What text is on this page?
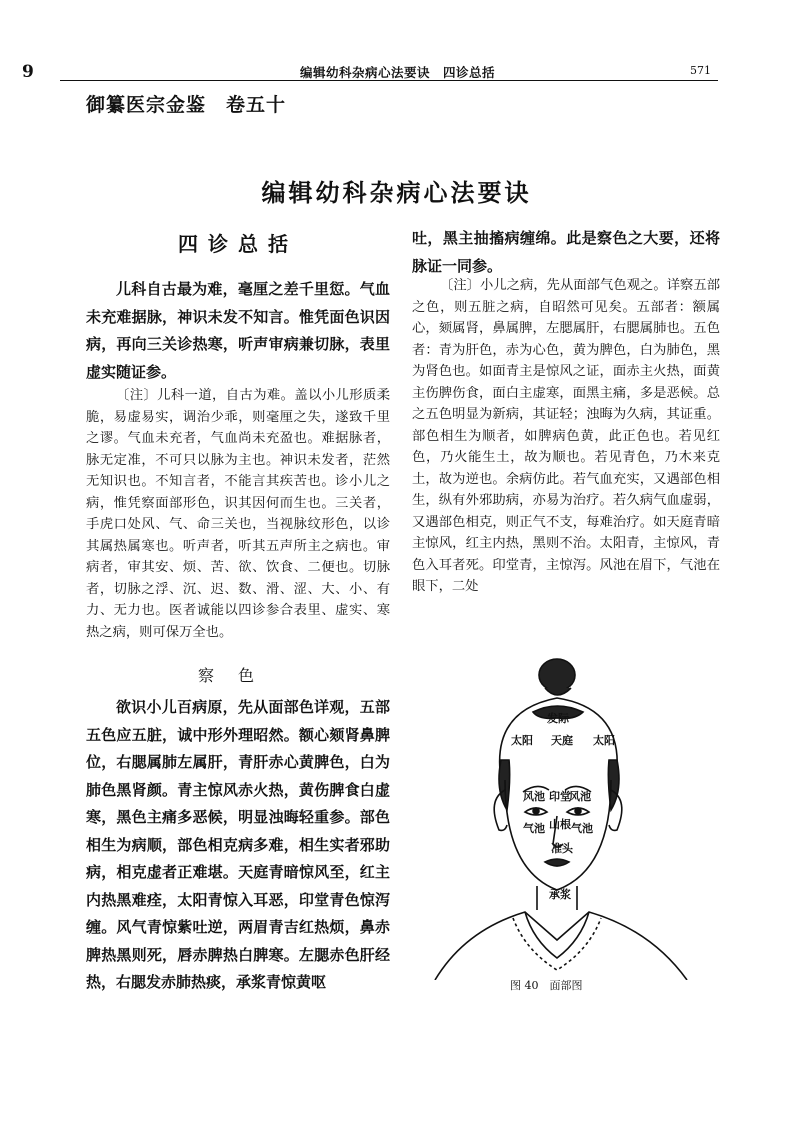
9	编辑幼科杂病心法要诀　四诊总括	571
御纂医宗金鉴　卷五十
编辑幼科杂病心法要诀
四诊总括
儿科自古最为难，毫厘之差千里愆。气血未充难据脉，神识未发不知言。惟凭面色识因病，再向三关诊热寒，听声审病兼切脉，表里虚实随证参。
〔注〕儿科一道，自古为难。盖以小儿形质柔脆，易虚易实，调治少乖，则毫厘之失，遂致千里之谬。气血未充者，气血尚未充盈也。难据脉者，脉无定准，不可只以脉为主也。神识未发者，茫然无知识也。不知言者，不能言其疾苦也。诊小儿之病，惟凭察面部形色，识其因何而生也。三关者，手虎口处风、气、命三关也，当视脉纹形色，以诊其属热属寒也。听声者，听其五声所主之病也。审病者，审其安、烦、苦、欲、饮食、二便也。切脉者，切脉之浮、沉、迟、数、滑、涩、大、小、有力、无力也。医者诚能以四诊参合表里、虚实、寒热之病，则可保万全也。
察色
欲识小儿百病原，先从面部色详观，五部五色应五脏，诚中形外理昭然。额心颏肾鼻脾位，右腮属肺左属肝，青肝赤心黄脾色，白为肺色黑肾颜。青主惊风赤火热，黄伤脾食白虚寒，黑色主痛多恶候，明显浊晦轻重参。部色相生为病顺，部色相克病多难，相生实者邪助病，相克虚者正难堪。天庭青暗惊风至，红主内热黑难痊，太阳青惊入耳恶，印堂青色惊泻缠。风气青惊紫吐逆，两眉青吉红热烦，鼻赤脾热黑则死，唇赤脾热白脾寒。左腮赤色肝经热，右腮发赤肺热痰，承浆青惊黄呕
吐，黑主抽搐病缠绵。此是察色之大要，还将脉证一同参。
〔注〕小儿之病，先从面部气色观之。详察五部之色，则五脏之病，自昭然可见矣。五部者：额属心，颏属肾，鼻属脾，左腮属肝，右腮属肺也。五色者：青为肝色，赤为心色，黄为脾色，白为肺色，黑为肾色也。如面青主是惊风之证，面赤主火热，面黄主伤脾伤食，面白主虚寒，面黑主痛，多是恶候。总之五色明显为新病，其证轻；浊晦为久病，其证重。部色相生为顺者，如脾病色黄，此正色也。若见红色，乃火能生土，故为顺也。若见青色，乃木来克土，故为逆也。余病仿此。若气血充实，又遇部色相生，纵有外邪助病，亦易为治疗。若久病气血虚弱，又遇部色相克，则正气不支，每难治疗。如天庭青暗主惊风，红主内热，黑则不治。太阳青，主惊风，青色入耳者死。印堂青，主惊泻。风池在眉下，气池在眼下，二处
发际
太阳	太阳
天庭
风池 风池
印堂
山根
气池 气池
准头
承浆
图 40　面部图
